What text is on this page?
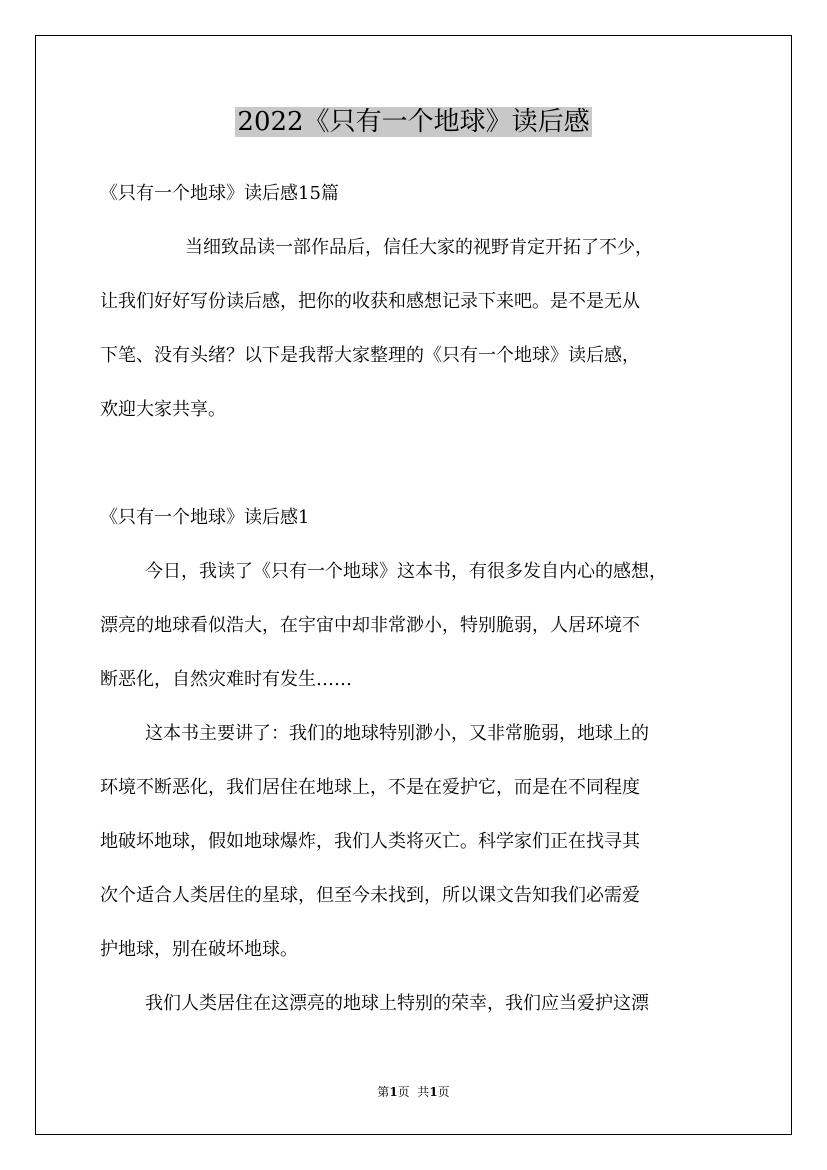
2022《只有一个地球》读后感
《只有一个地球》读后感15篇
当细致品读一部作品后，信任大家的视野肯定开拓了不少，
让我们好好写份读后感，把你的收获和感想记录下来吧。是不是无从
下笔、没有头绪？以下是我帮大家整理的《只有一个地球》读后感，
欢迎大家共享。
《只有一个地球》读后感1
今日，我读了《只有一个地球》这本书，有很多发自内心的感想，
漂亮的地球看似浩大，在宇宙中却非常渺小，特别脆弱，人居环境不
断恶化，自然灾难时有发生……
这本书主要讲了：我们的地球特别渺小，又非常脆弱，地球上的
环境不断恶化，我们居住在地球上，不是在爱护它，而是在不同程度
地破坏地球，假如地球爆炸，我们人类将灭亡。科学家们正在找寻其
次个适合人类居住的星球，但至今未找到，所以课文告知我们必需爱
护地球，别在破坏地球。
我们人类居住在这漂亮的地球上特别的荣幸，我们应当爱护这漂
第1页  共1页
